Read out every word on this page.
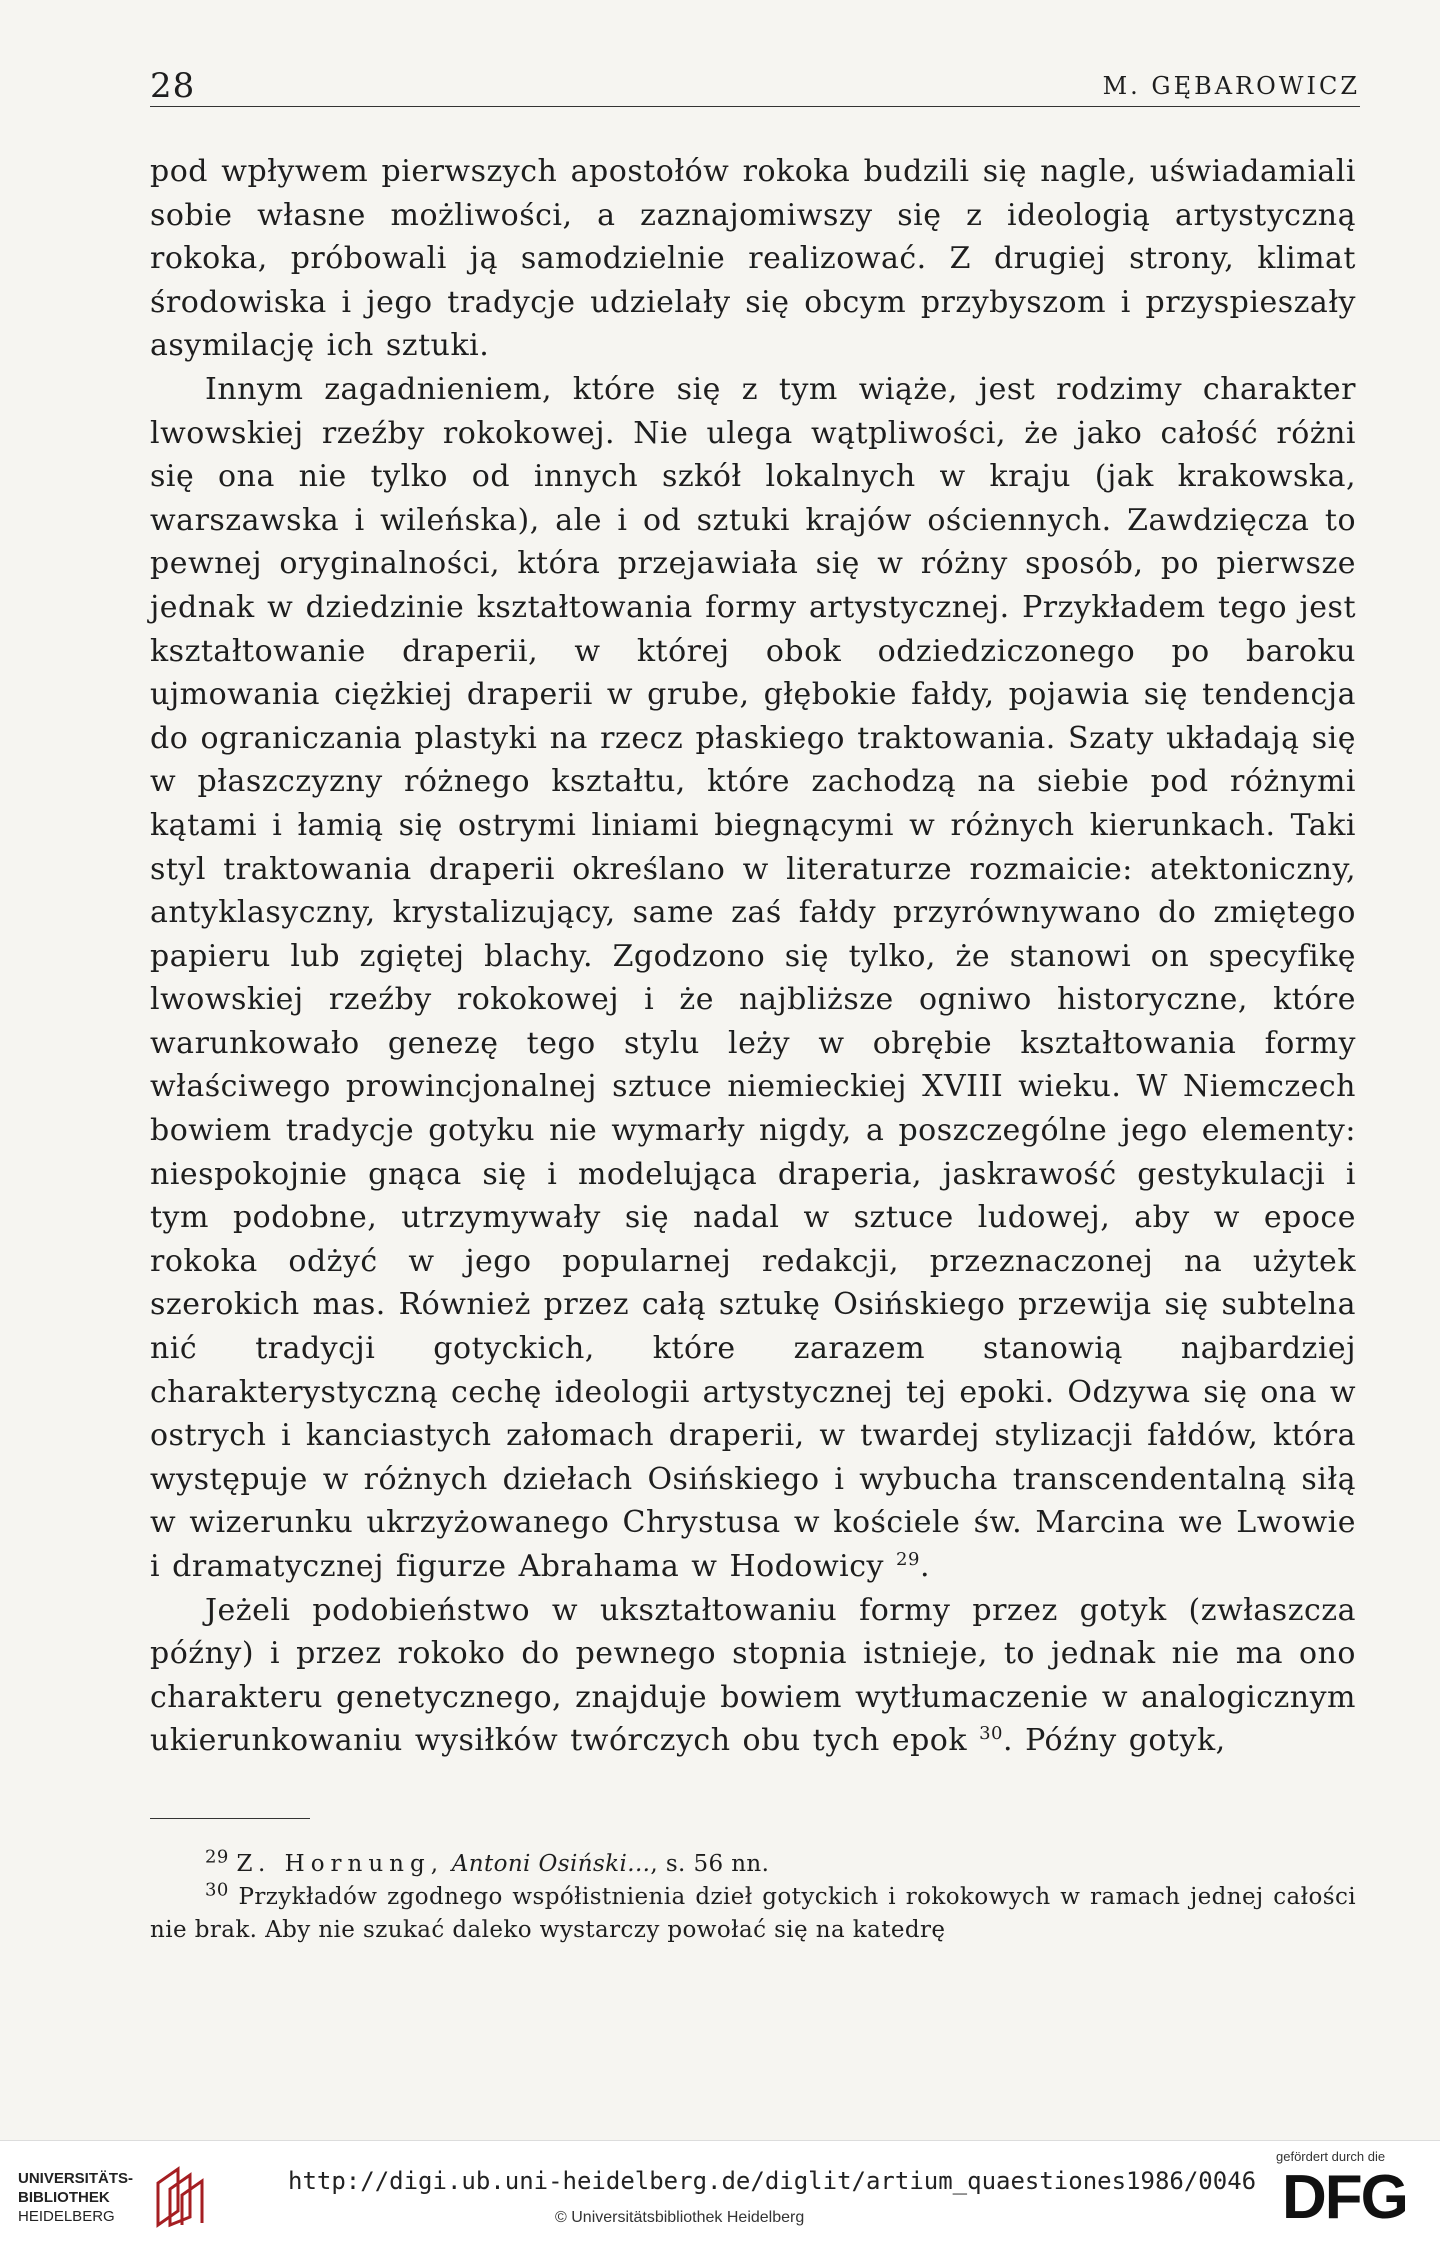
28	M. GĘBAROWICZ

pod wpływem pierwszych apostołów rokoka budzili się nagle, uświadamiali sobie własne możliwości, a zaznajomiwszy się z ideologią artystyczną rokoka, próbowali ją samodzielnie realizować. Z drugiej strony, klimat środowiska i jego tradycje udzielały się obcym przybyszom i przyspieszały asymilację ich sztuki.

Innym zagadnieniem, które się z tym wiąże, jest rodzimy charakter lwowskiej rzeźby rokokowej. Nie ulega wątpliwości, że jako całość różni się ona nie tylko od innych szkół lokalnych w kraju (jak krakowska, warszawska i wileńska), ale i od sztuki krajów ościennych. Zawdzięcza to pewnej oryginalności, która przejawiała się w różny sposób, po pierwsze jednak w dziedzinie kształtowania formy artystycznej. Przykładem tego jest kształtowanie draperii, w której obok odziedziczonego po baroku ujmowania ciężkiej draperii w grube, głębokie fałdy, pojawia się tendencja do ograniczania plastyki na rzecz płaskiego traktowania. Szaty układają się w płaszczyzny różnego kształtu, które zachodzą na siebie pod różnymi kątami i łamią się ostrymi liniami biegnącymi w różnych kierunkach. Taki styl traktowania draperii określano w literaturze rozmaicie: atektoniczny, antyklasyczny, krystalizujący, same zaś fałdy przyrównywano do zmiętego papieru lub zgiętej blachy. Zgodzono się tylko, że stanowi on specyfikę lwowskiej rzeźby rokokowej i że najbliższe ogniwo historyczne, które warunkowało genezę tego stylu leży w obrębie kształtowania formy właściwego prowincjonalnej sztuce niemieckiej XVIII wieku. W Niemczech bowiem tradycje gotyku nie wymarły nigdy, a poszczególne jego elementy: niespokojnie gnąca się i modelująca draperia, jaskrawość gestykulacji i tym podobne, utrzymywały się nadal w sztuce ludowej, aby w epoce rokoka odżyć w jego popularnej redakcji, przeznaczonej na użytek szerokich mas. Również przez całą sztukę Osińskiego przewija się subtelna nić tradycji gotyckich, które zarazem stanowią najbardziej charakterystyczną cechę ideologii artystycznej tej epoki. Odzywa się ona w ostrych i kanciastych załomach draperii, w twardej stylizacji fałdów, która występuje w różnych dziełach Osińskiego i wybucha transcendentalną siłą w wizerunku ukrzyżowanego Chrystusa w kościele św. Marcina we Lwowie i dramatycznej figurze Abrahama w Hodowicy $^{29}$.

Jeżeli podobieństwo w ukształtowaniu formy przez gotyk (zwłaszcza późny) i przez rokoko do pewnego stopnia istnieje, to jednak nie ma ono charakteru genetycznego, znajduje bowiem wytłumaczenie w analogicznym ukierunkowaniu wysiłków twórczych obu tych epok $^{30}$. Późny gotyk,

$^{29}$ Z. Hornung, Antoni Osiński..., s. 56 nn.

$^{30}$ Przykładów zgodnego współistnienia dzieł gotyckich i rokokowych w ramach jednej całości nie brak. Aby nie szukać daleko wystarczy powołać się na katedrę

UNIVERSITÄTS-
BIBLIOTHEK
HEIDELBERG
http://digi.ub.uni-heidelberg.de/diglit/artium_quaestiones1986/0046
© Universitätsbibliothek Heidelberg
gefördert durch die
DFG
